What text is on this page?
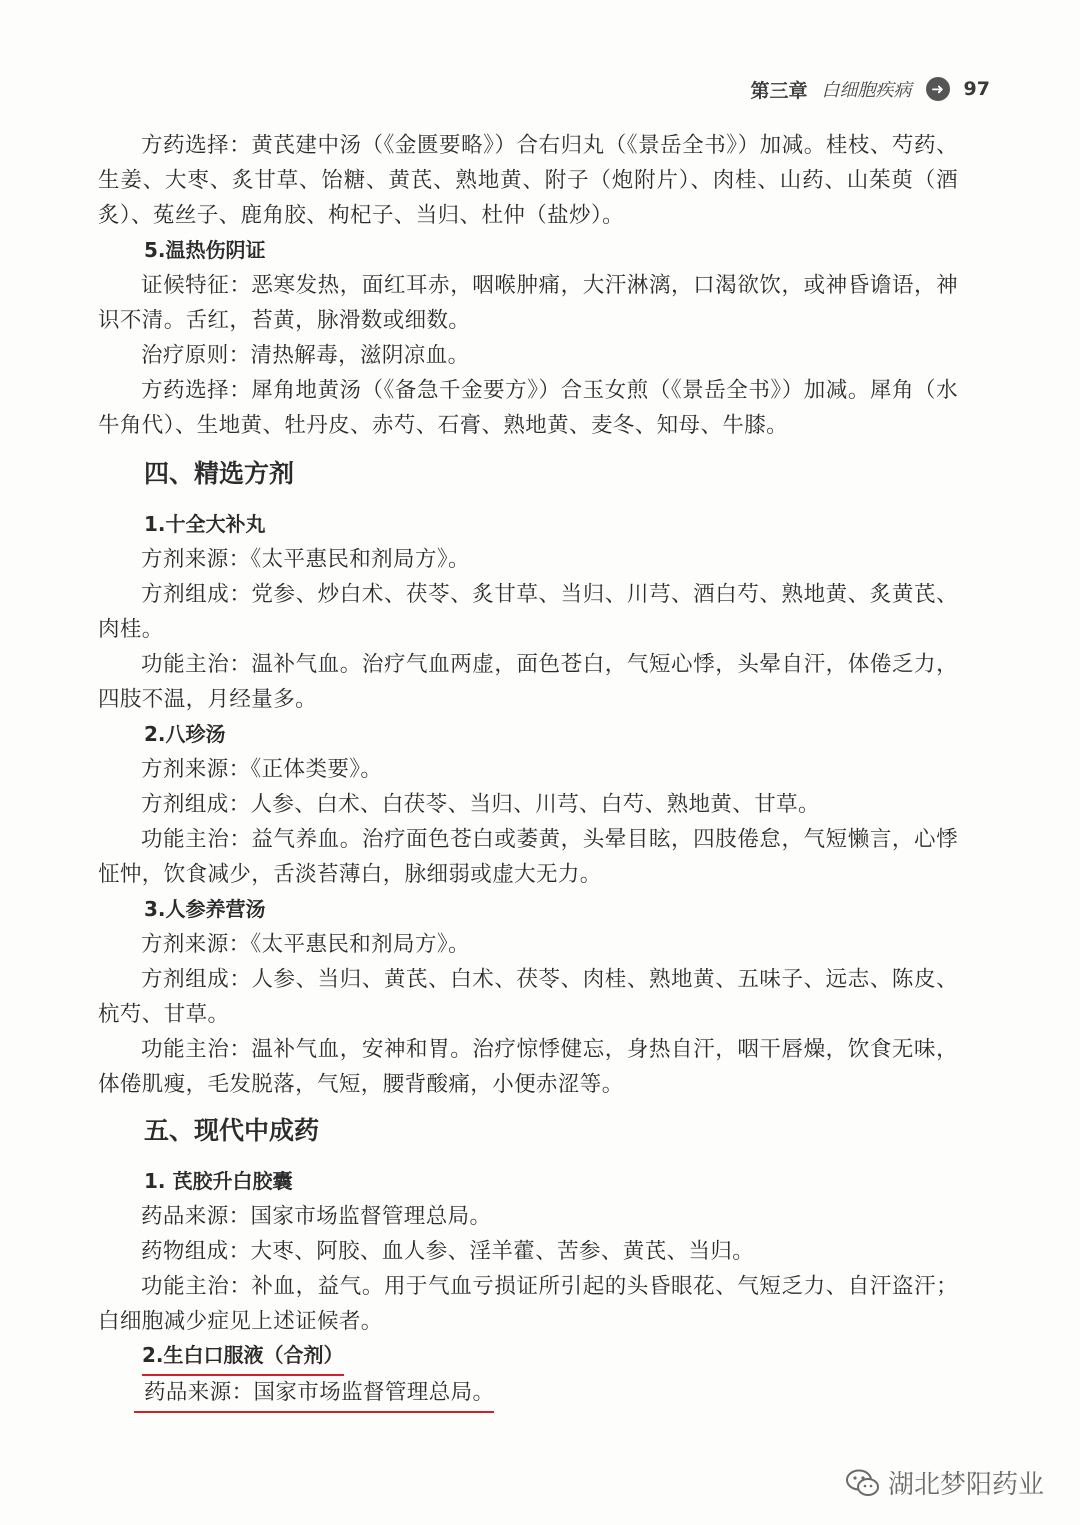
第三章 白细胞疾病	➜	97

方药选择：黄芪建中汤（《金匮要略》）合右归丸（《景岳全书》）加减。桂枝、芍药、生姜、大枣、炙甘草、饴糖、黄芪、熟地黄、附子（炮附片）、肉桂、山药、山茱萸（酒炙）、菟丝子、鹿角胶、枸杞子、当归、杜仲（盐炒）。

5.温热伤阴证

证候特征：恶寒发热，面红耳赤，咽喉肿痛，大汗淋漓，口渴欲饮，或神昏谵语，神识不清。舌红，苔黄，脉滑数或细数。

治疗原则：清热解毒，滋阴凉血。

方药选择：犀角地黄汤（《备急千金要方》）合玉女煎（《景岳全书》）加减。犀角（水牛角代）、生地黄、牡丹皮、赤芍、石膏、熟地黄、麦冬、知母、牛膝。

四、精选方剂
1.十全大补丸

方剂来源：《太平惠民和剂局方》。

方剂组成：党参、炒白术、茯苓、炙甘草、当归、川芎、酒白芍、熟地黄、炙黄芪、肉桂。

功能主治：温补气血。治疗气血两虚，面色苍白，气短心悸，头晕自汗，体倦乏力，四肢不温，月经量多。

2.八珍汤

方剂来源：《正体类要》。

方剂组成：人参、白术、白茯苓、当归、川芎、白芍、熟地黄、甘草。

功能主治：益气养血。治疗面色苍白或萎黄，头晕目眩，四肢倦怠，气短懒言，心悸怔忡，饮食减少，舌淡苔薄白，脉细弱或虚大无力。

3.人参养营汤

方剂来源：《太平惠民和剂局方》。

方剂组成：人参、当归、黄芪、白术、茯苓、肉桂、熟地黄、五味子、远志、陈皮、杭芍、甘草。

功能主治：温补气血，安神和胃。治疗惊悸健忘，身热自汗，咽干唇燥，饮食无味，体倦肌瘦，毛发脱落，气短，腰背酸痛，小便赤涩等。

五、现代中成药
1. 芪胶升白胶囊

药品来源：国家市场监督管理总局。

药物组成：大枣、阿胶、血人参、淫羊藿、苦参、黄芪、当归。

功能主治：补血，益气。用于气血亏损证所引起的头昏眼花、气短乏力、自汗盗汗；白细胞减少症见上述证候者。

2.生白口服液（合剂）
药品来源：国家市场监督管理总局。
湖北梦阳药业
